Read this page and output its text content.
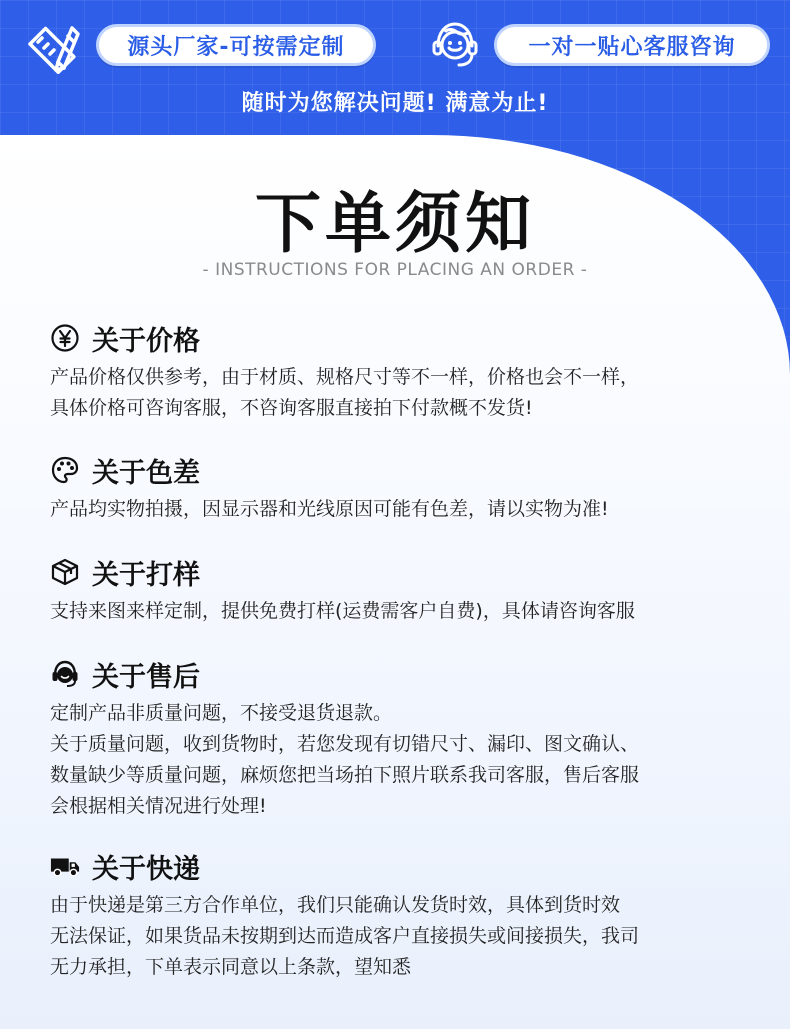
源头厂家-可按需定制	一对一贴心客服咨询
随时为您解决问题! 满意为止!
下单须知
- INSTRUCTIONS FOR PLACING AN ORDER -
关于价格

产品价格仅供参考，由于材质、规格尺寸等不一样，价格也会不一样，

具体价格可咨询客服，不咨询客服直接拍下付款概不发货!

关于色差

产品均实物拍摄，因显示器和光线原因可能有色差，请以实物为准!

关于打样

支持来图来样定制，提供免费打样(运费需客户自费)，具体请咨询客服

关于售后

定制产品非质量问题，不接受退货退款。

关于质量问题，收到货物时，若您发现有切错尺寸、漏印、图文确认、

数量缺少等质量问题，麻烦您把当场拍下照片联系我司客服，售后客服

会根据相关情况进行处理!

关于快递

由于快递是第三方合作单位，我们只能确认发货时效，具体到货时效

无法保证，如果货品未按期到达而造成客户直接损失或间接损失，我司

无力承担，下单表示同意以上条款，望知悉
